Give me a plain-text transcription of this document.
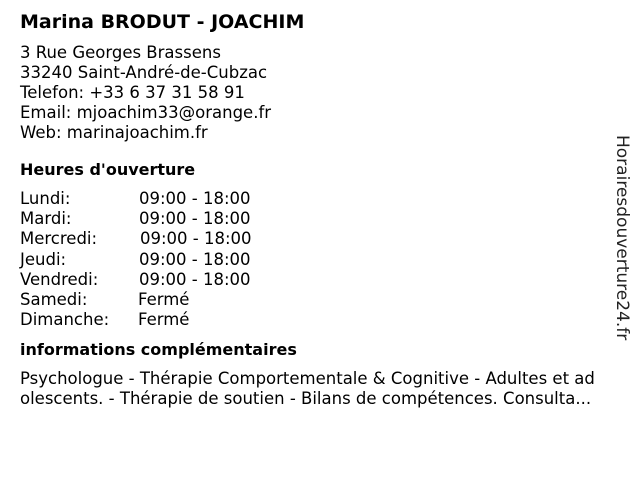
Marina BRODUT - JOACHIM
3 Rue Georges Brassens
33240 Saint-André-de-Cubzac
Telefon: +33 6 37 31 58 91
Email: mjoachim33@orange.fr
Web: marinajoachim.fr
Heures d'ouverture
Lundi:	09:00 - 18:00
Mardi:	09:00 - 18:00
Mercredi:	09:00 - 18:00
Jeudi:	09:00 - 18:00
Vendredi:	09:00 - 18:00
Samedi:	Fermé
Dimanche:	Fermé
informations complémentaires
Psychologue - Thérapie Comportementale & Cognitive - Adultes et ad
olescents. - Thérapie de soutien - Bilans de compétences. Consulta...
Horairesdouverture24.fr
